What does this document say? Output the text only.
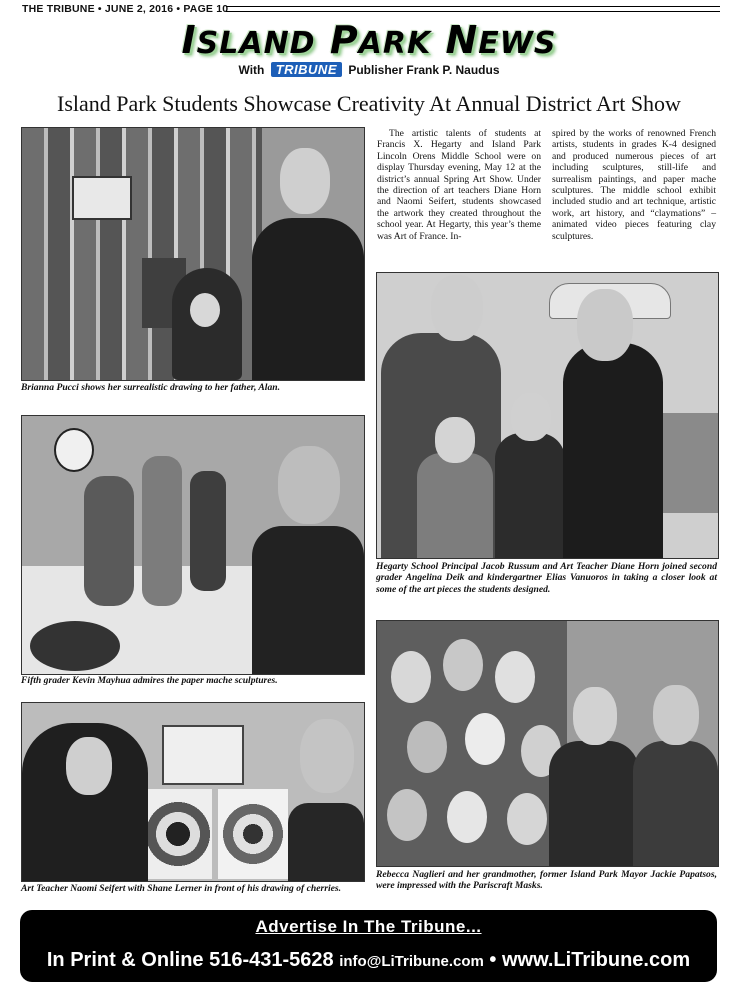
THE TRIBUNE • JUNE 2, 2016 • PAGE 10
ISLAND PARK NEWS
With TRIBUNE Publisher Frank P. Naudus
Island Park Students Showcase Creativity At Annual District Art Show
Brianna Pucci shows her surrealistic drawing to her father, Alan.
Fifth grader Kevin Mayhua admires the paper mache sculptures.
Art Teacher Naomi Seifert with Shane Lerner in front of his drawing of cherries.

The artistic talents of students at Francis X. Hegarty and Island Park Lincoln Orens Middle School were on display Thursday evening, May 12 at the district’s annual Spring Art Show. Under the direction of art teachers Diane Horn and Naomi Seifert, students showcased the artwork they created throughout the school year. At Hegarty, this year’s theme was Art of France. In-

spired by the works of renowned French artists, students in grades K-4 designed and produced numerous pieces of art including sculptures, still-life and surrealism paintings, and paper mache sculptures. The middle school exhibit included studio and art technique, artistic work, art history, and “claymations” – animated video pieces featuring clay sculptures.

Hegarty School Principal Jacob Russum and Art Teacher Diane Horn joined second grader Angelina Deik and kindergartner Elias Vanuoros in taking a closer look at some of the art pieces the students designed.
Rebecca Naglieri and her grandmother, former Island Park Mayor Jackie Papatsos, were impressed with the Pariscraft Masks.
Advertise In The Tribune...
In Print & Online 516-431-5628 info@LiTribune.com • www.LiTribune.com
